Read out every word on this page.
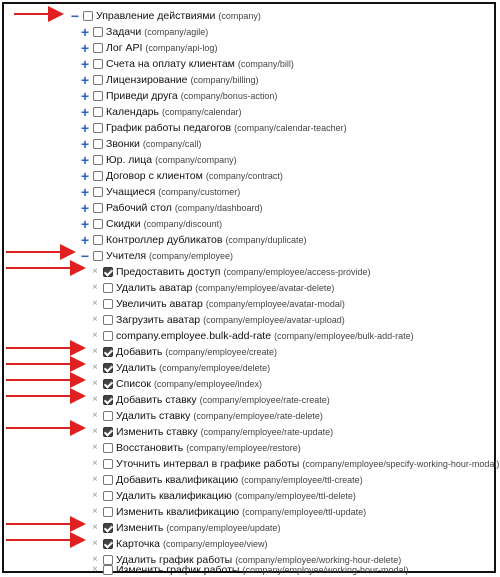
− Управление действиями (company)
+ Задачи (company/agile)
+ Лог API (company/api-log)
+ Счета на оплату клиентам (company/bill)
+ Лицензирование (company/billing)
+ Приведи друга (company/bonus-action)
+ Календарь (company/calendar)
+ График работы педагогов (company/calendar-teacher)
+ Звонки (company/call)
+ Юр. лица (company/company)
+ Договор с клиентом (company/contract)
+ Учащиеся (company/customer)
+ Рабочий стол (company/dashboard)
+ Скидки (company/discount)
+ Контроллер дубликатов (company/duplicate)
− Учителя (company/employee)
× Предоставить доступ (company/employee/access-provide)
× Удалить аватар (company/employee/avatar-delete)
× Увеличить аватар (company/employee/avatar-modal)
× Загрузить аватар (company/employee/avatar-upload)
× company.employee.bulk-add-rate (company/employee/bulk-add-rate)
× Добавить (company/employee/create)
× Удалить (company/employee/delete)
× Список (company/employee/index)
× Добавить ставку (company/employee/rate-create)
× Удалить ставку (company/employee/rate-delete)
× Изменить ставку (company/employee/rate-update)
× Восстановить (company/employee/restore)
× Уточнить интервал в графике работы (company/employee/specify-working-hour-modal)
× Добавить квалификацию (company/employee/ttl-create)
× Удалить квалификацию (company/employee/ttl-delete)
× Изменить квалификацию (company/employee/ttl-update)
× Изменить (company/employee/update)
× Карточка (company/employee/view)
× Удалить график работы (company/employee/working-hour-delete)
× Изменить график работы (company/employee/working-hour-modal)
